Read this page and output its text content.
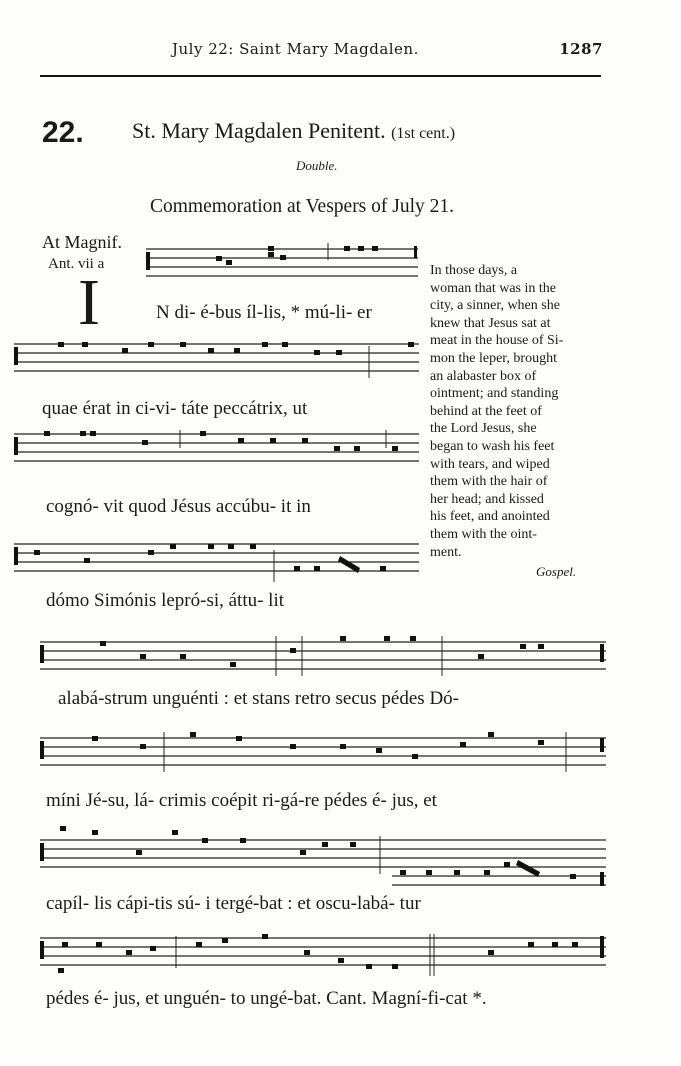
July 22: Saint Mary Magdalen.	1287
22. St. Mary Magdalen Penitent. (1st cent.)
Double.
Commemoration at Vespers of July 21.
At Magnif.
Ant. vii a
I	N di- é-bus íl-lis, * mú-li- er
quae érat in ci-vi- táte peccátrix, ut
cognó- vit quod Jésus accúbu- it in
dómo Simónis lepró-si, áttu- lit
alabá-strum unguénti : et stans retro secus pédes Dó-
míni Jé-su, lá- crimis coépit ri-gá-re pédes é- jus, et
capíl- lis cápi-tis sú- i tergé-bat : et oscu-labá- tur
pédes é- jus, et unguén- to ungé-bat. Cant. Magní-fi-cat *.
In those days, a
woman that was in the
city, a sinner, when she
knew that Jesus sat at
meat in the house of Si-
mon the leper, brought
an alabaster box of
ointment; and standing
behind at the feet of
the Lord Jesus, she
began to wash his feet
with tears, and wiped
them with the hair of
her head; and kissed
his feet, and anointed
them with the oint-
ment.
Gospel.
